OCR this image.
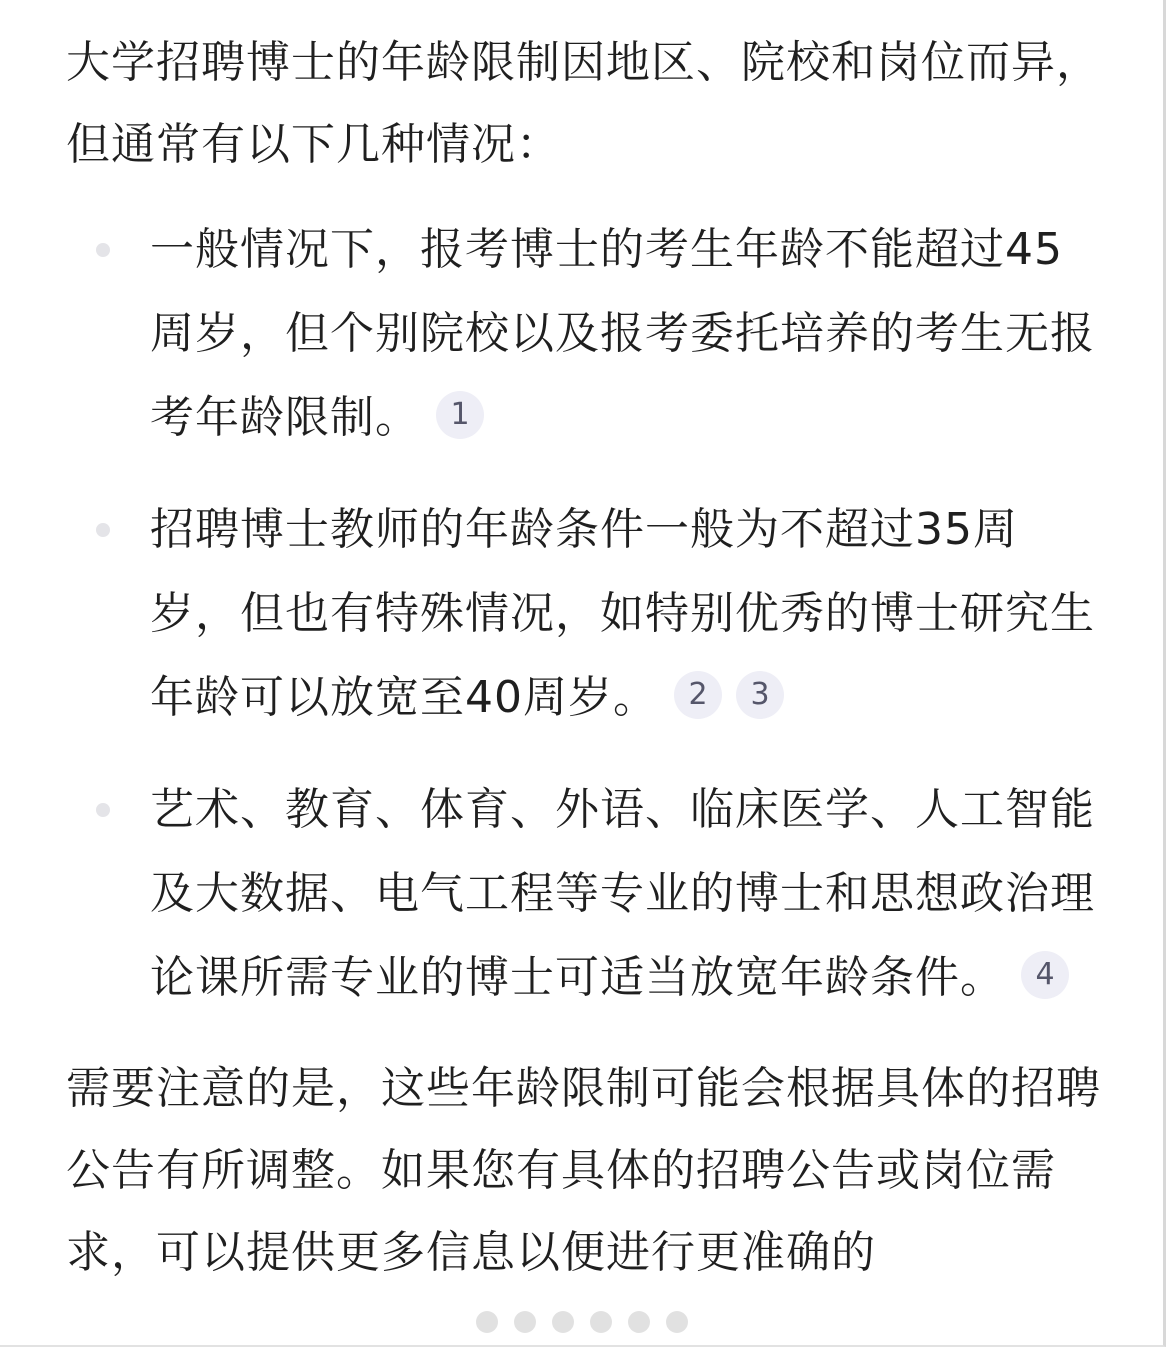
大学招聘博士的年龄限制因地区、院校和岗位而异，但通常有以下几种情况：

一般情况下，报考博士的考生年龄不能超过45周岁，但个别院校以及报考委托培养的考生无报考年龄限制。 1
招聘博士教师的年龄条件一般为不超过35周岁，但也有特殊情况，如特别优秀的博士研究生年龄可以放宽至40周岁。 2 3
艺术、教育、体育、外语、临床医学、人工智能及大数据、电气工程等专业的博士和思想政治理论课所需专业的博士可适当放宽年龄条件。 4

需要注意的是，这些年龄限制可能会根据具体的招聘公告有所调整。如果您有具体的招聘公告或岗位需求，可以提供更多信息以便进行更准确的
